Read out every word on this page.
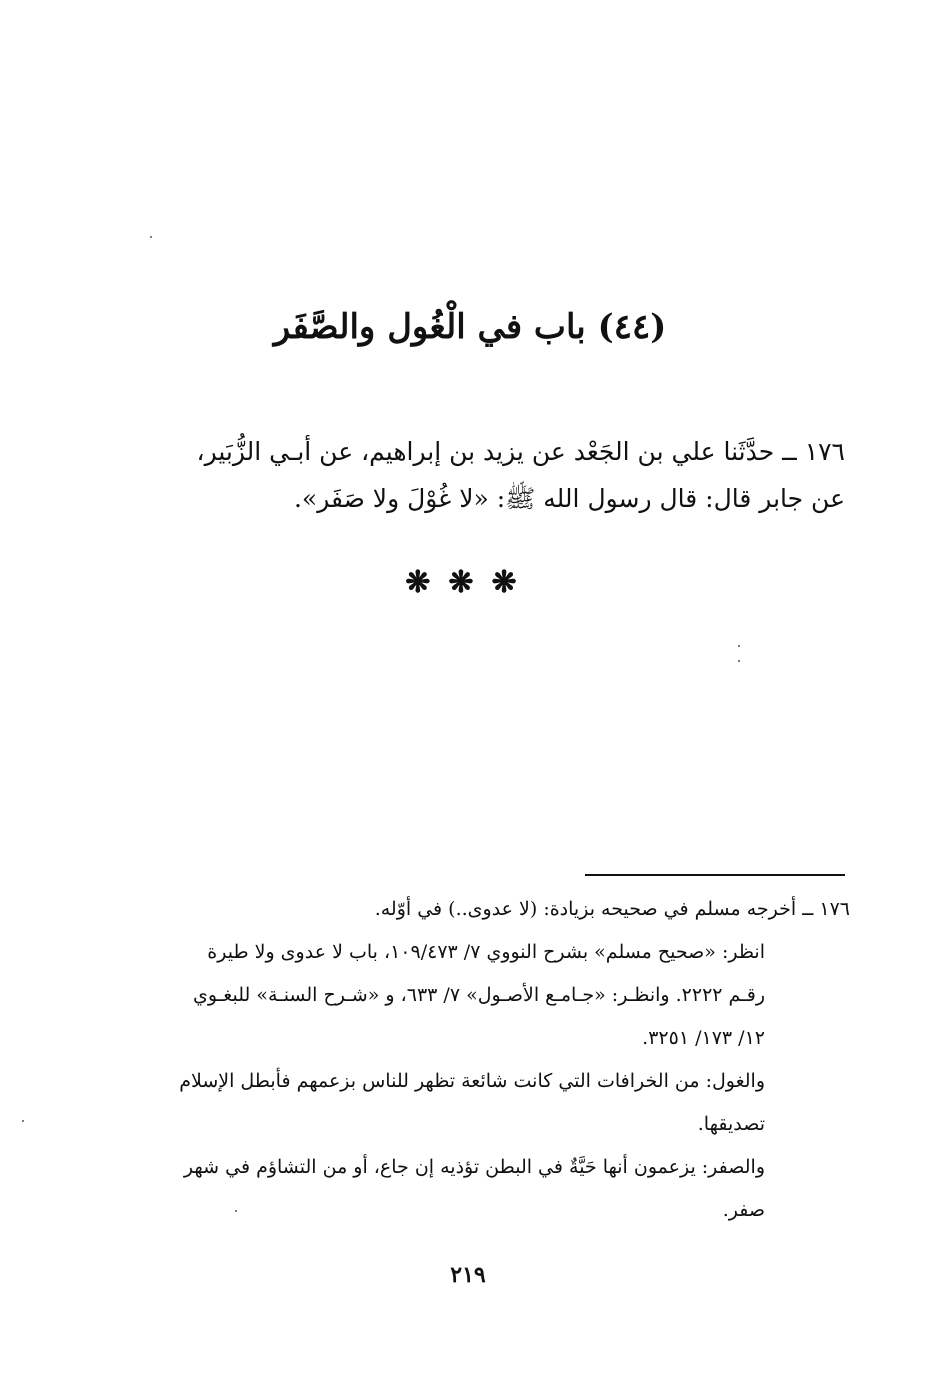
(٤٤) باب في الْغُول والصَّفَر
١٧٦ ــ حدَّثَنا علي بن الجَعْد عن يزيد بن إبراهيم، عن أبـي الزُّبَير،
عن جابر قال: قال رسول الله ﷺ: «لا غُوْلَ ولا صَفَر».
❋❋❋
١٧٦ ــ أخرجه مسلم في صحيحه بزيادة: (لا عدوى..) في أوّله.
انظر: «صحيح مسلم» بشرح النووي ٧/ ١٠٩/٤٧٣، باب لا عدوى ولا طيرة
رقـم ٢٢٢٢. وانظـر: «جـامـع الأصـول» ٧/ ٦٣٣، و «شـرح السنـة» للبغـوي
١٢/ ١٧٣/ ٣٢٥١.
والغول: من الخرافات التي كانت شائعة تظهر للناس بزعمهم فأبطل الإسلام
تصديقها.
والصفر: يزعمون أنها حَيَّةٌ في البطن تؤذيه إن جاع، أو من التشاؤم في شهر
صفر.
٢١٩
